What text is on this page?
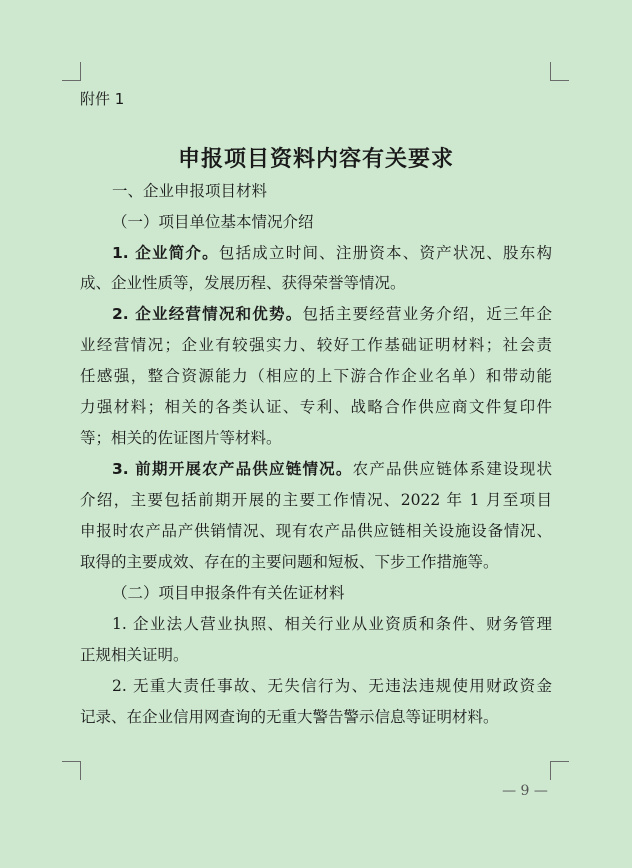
附件 1
申报项目资料内容有关要求
一、企业申报项目材料
（一）项目单位基本情况介绍
1. 企业简介。包括成立时间、注册资本、资产状况、股东构
成、企业性质等，发展历程、获得荣誉等情况。
2. 企业经营情况和优势。包括主要经营业务介绍，近三年企
业经营情况；企业有较强实力、较好工作基础证明材料；社会责
任感强，整合资源能力（相应的上下游合作企业名单）和带动能
力强材料；相关的各类认证、专利、战略合作供应商文件复印件
等；相关的佐证图片等材料。
3. 前期开展农产品供应链情况。农产品供应链体系建设现状
介绍，主要包括前期开展的主要工作情况、2022 年 1 月至项目
申报时农产品产供销情况、现有农产品供应链相关设施设备情况、
取得的主要成效、存在的主要问题和短板、下步工作措施等。
（二）项目申报条件有关佐证材料
1. 企业法人营业执照、相关行业从业资质和条件、财务管理
正规相关证明。
2. 无重大责任事故、无失信行为、无违法违规使用财政资金
记录、在企业信用网查询的无重大警告警示信息等证明材料。
— 9 —
